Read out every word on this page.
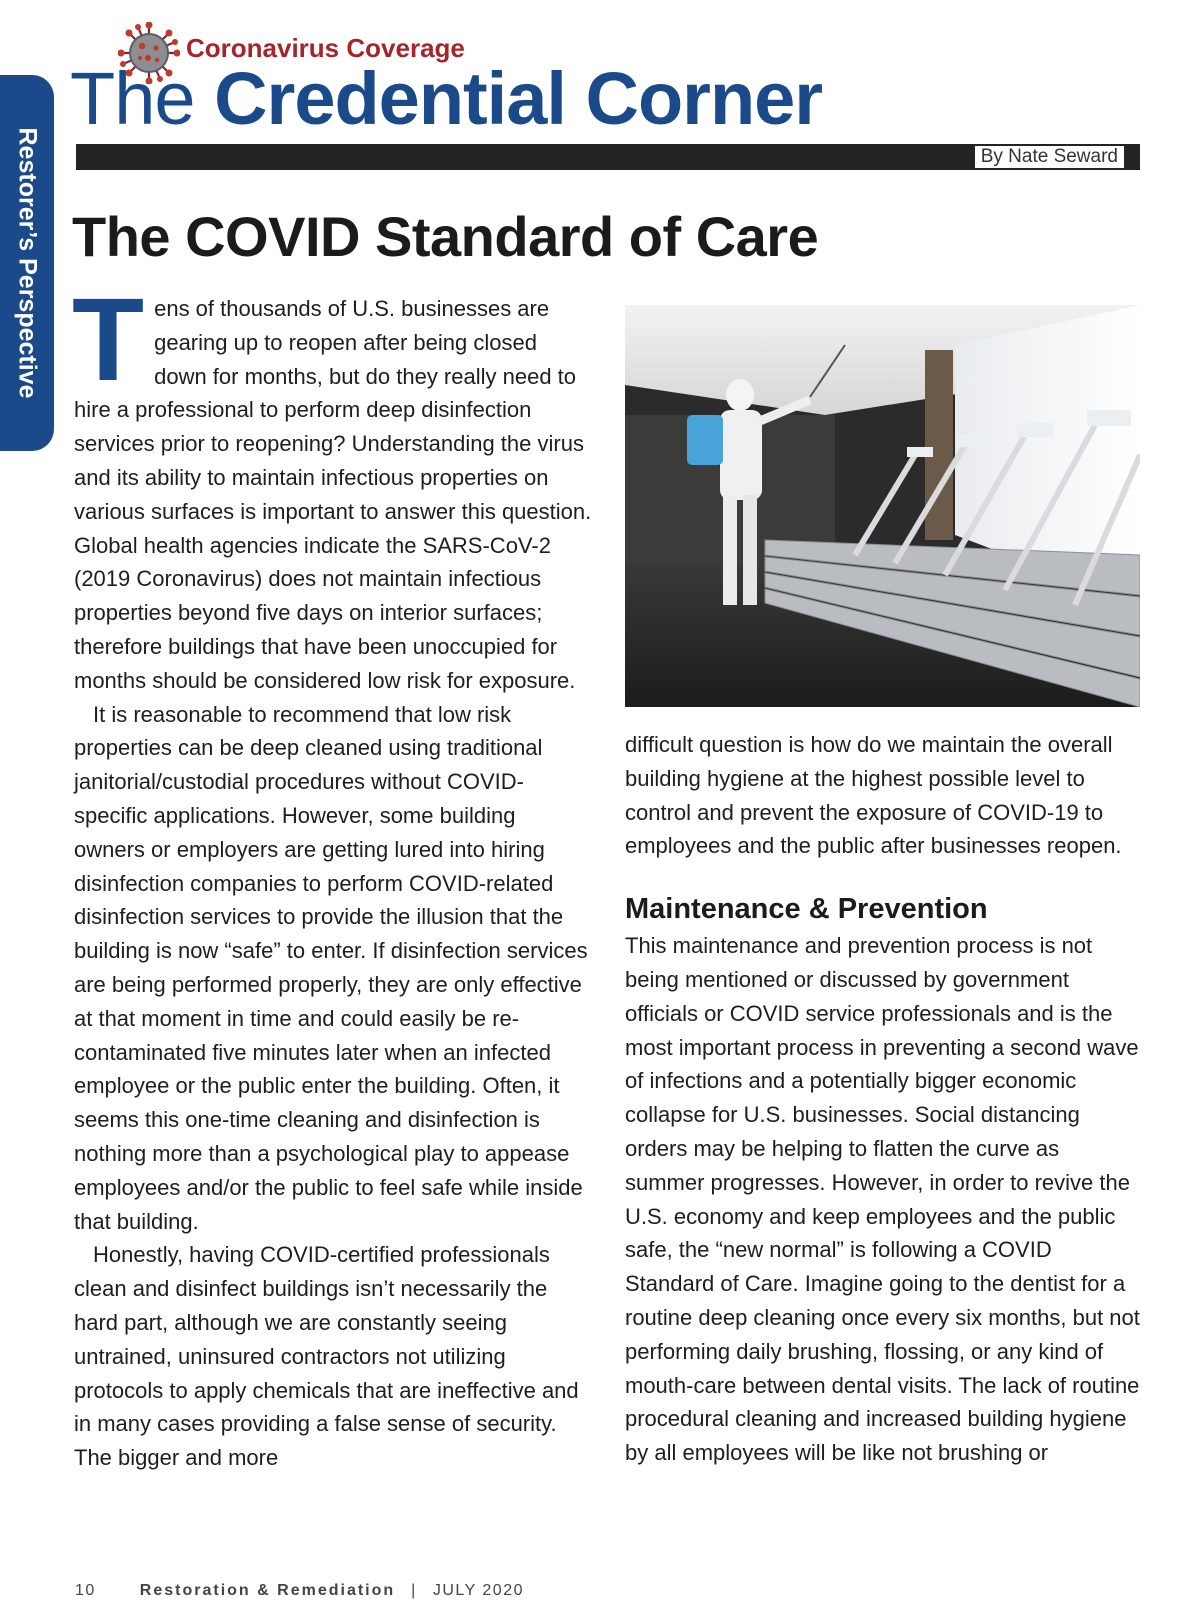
Restorer’s Perspective
Coronavirus Coverage
The Credential Corner
By Nate Seward
The COVID Standard of Care

Tens of thousands of U.S. businesses are gearing up to reopen after being closed down for months, but do they really need to hire a professional to perform deep disinfection services prior to reopening? Understanding the virus and its ability to maintain infectious properties on various surfaces is important to answer this question. Global health agencies indicate the SARS-CoV-2 (2019 Coronavirus) does not maintain infectious properties beyond five days on interior surfaces; therefore buildings that have been unoccupied for months should be considered low risk for exposure.

It is reasonable to recommend that low risk properties can be deep cleaned using traditional janitorial/custodial procedures without COVID-specific applications. However, some building owners or employers are getting lured into hiring disinfection companies to perform COVID-related disinfection services to provide the illusion that the building is now “safe” to enter. If disinfection services are being performed properly, they are only effective at that moment in time and could easily be re-contaminated five minutes later when an infected employee or the public enter the building. Often, it seems this one-time cleaning and disinfection is nothing more than a psychological play to appease employees and/or the public to feel safe while inside that building.

Honestly, having COVID-certified professionals clean and disinfect buildings isn’t necessarily the hard part, although we are constantly seeing untrained, uninsured contractors not utilizing protocols to apply chemicals that are ineffective and in many cases providing a false sense of security. The bigger and more

difficult question is how do we maintain the overall building hygiene at the highest possible level to control and prevent the exposure of COVID-19 to employees and the public after businesses reopen.

Maintenance & Prevention

This maintenance and prevention process is not being mentioned or discussed by government officials or COVID service professionals and is the most important process in preventing a second wave of infections and a potentially bigger economic collapse for U.S. businesses. Social distancing orders may be helping to flatten the curve as summer progresses. However, in order to revive the U.S. economy and keep employees and the public safe, the “new normal” is following a COVID Standard of Care. Imagine going to the dentist for a routine deep cleaning once every six months, but not performing daily brushing, flossing, or any kind of mouth-care between dental visits. The lack of routine procedural cleaning and increased building hygiene by all employees will be like not brushing or

10	Restoration & Remediation | JULY 2020
